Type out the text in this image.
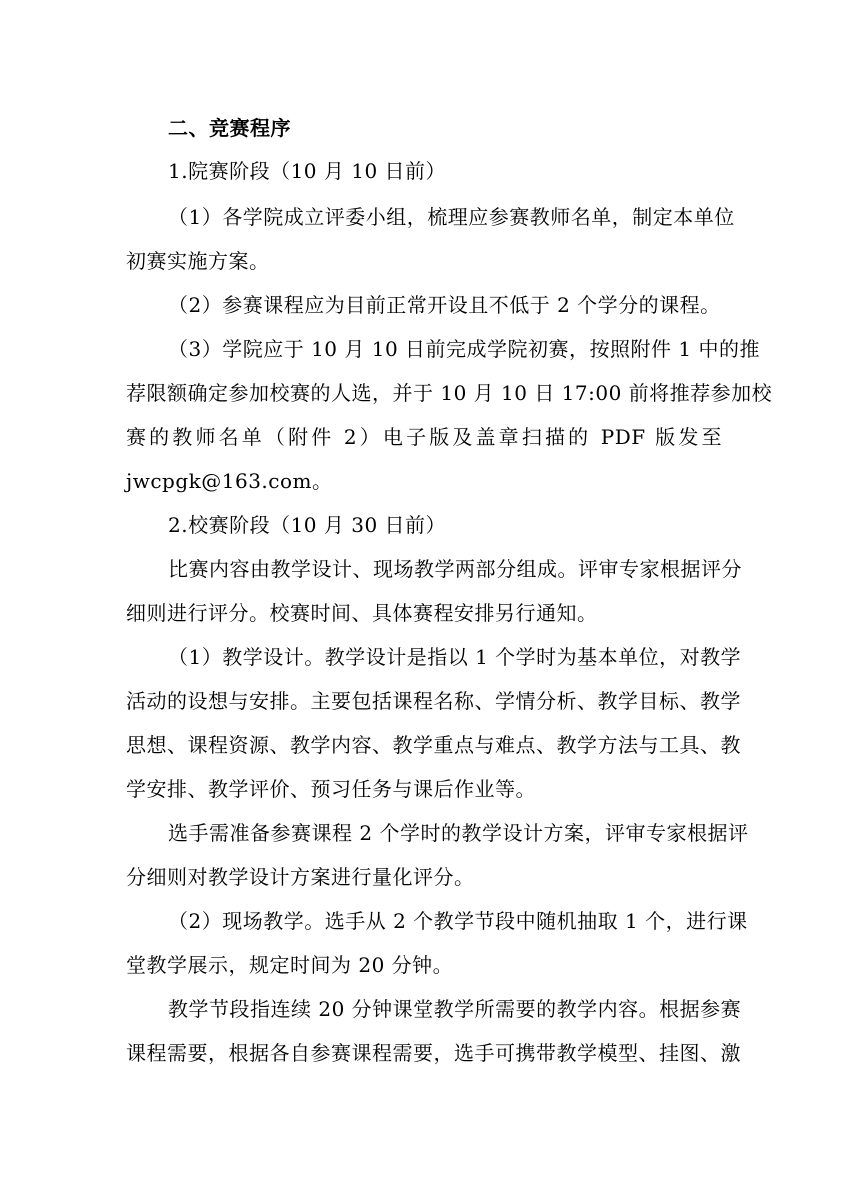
二、竞赛程序
1.院赛阶段（10 月 10 日前）
（1）各学院成立评委小组，梳理应参赛教师名单，制定本单位
初赛实施方案。
（2）参赛课程应为目前正常开设且不低于 2 个学分的课程。
（3）学院应于 10 月 10 日前完成学院初赛，按照附件 1 中的推
荐限额确定参加校赛的人选，并于 10 月 10 日 17:00 前将推荐参加校
赛的教师名单（附件 2）电子版及盖章扫描的 PDF 版发至
jwcpgk@163.com。
2.校赛阶段（10 月 30 日前）
比赛内容由教学设计、现场教学两部分组成。评审专家根据评分
细则进行评分。校赛时间、具体赛程安排另行通知。
（1）教学设计。教学设计是指以 1 个学时为基本单位，对教学
活动的设想与安排。主要包括课程名称、学情分析、教学目标、教学
思想、课程资源、教学内容、教学重点与难点、教学方法与工具、教
学安排、教学评价、预习任务与课后作业等。
选手需准备参赛课程 2 个学时的教学设计方案，评审专家根据评
分细则对教学设计方案进行量化评分。
（2）现场教学。选手从 2 个教学节段中随机抽取 1 个，进行课
堂教学展示，规定时间为 20 分钟。
教学节段指连续 20 分钟课堂教学所需要的教学内容。根据参赛
课程需要，根据各自参赛课程需要，选手可携带教学模型、挂图、激
